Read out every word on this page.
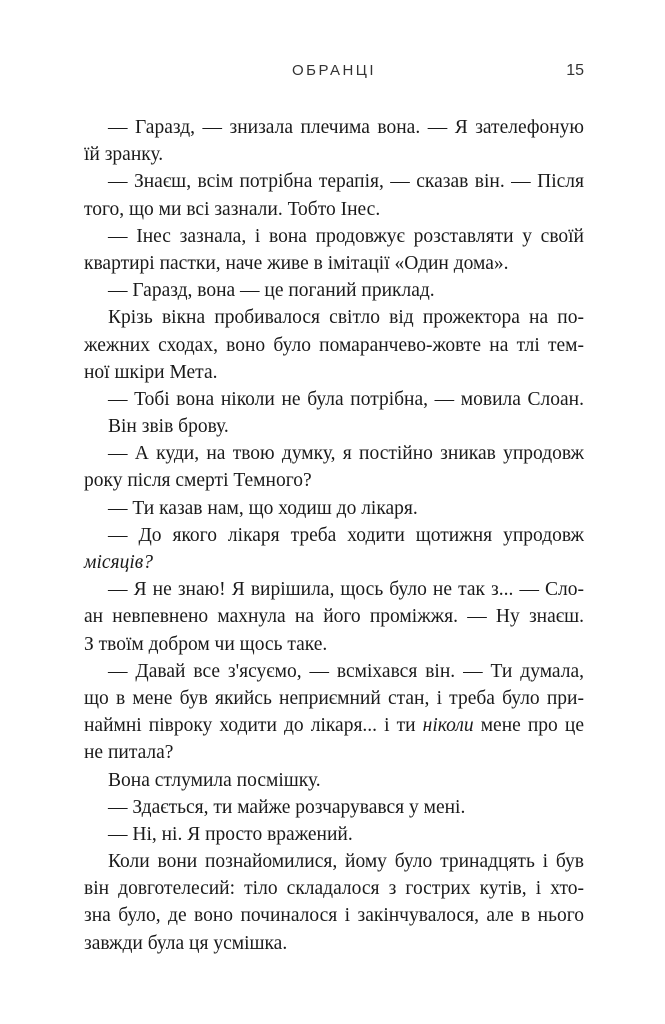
ОБРАНЦІ	15
— Гаразд, — знизала плечима вона. — Я зателефоную
їй зранку.
— Знаєш, всім потрібна терапія, — сказав він. — Після
того, що ми всі зазнали. Тобто Інес.
— Інес зазнала, і вона продовжує розставляти у своїй
квартирі пастки, наче живе в імітації «Один дома».
— Гаразд, вона — це поганий приклад.
Крізь вікна пробивалося світло від прожектора на по-
жежних сходах, воно було помаранчево-жовте на тлі тем-
ної шкіри Мета.
— Тобі вона ніколи не була потрібна, — мовила Слоан.
Він звів брову.
— А куди, на твою думку, я постійно зникав упродовж
року після смерті Темного?
— Ти казав нам, що ходиш до лікаря.
— До якого лікаря треба ходити щотижня упродовж
місяців?
— Я не знаю! Я вирішила, щось було не так з... — Сло-
ан невпевнено махнула на його проміжжя. — Ну знаєш.
З твоїм добром чи щось таке.
— Давай все з'ясуємо, — всміхався він. — Ти думала,
що в мене був якийсь неприємний стан, і треба було при-
наймні півроку ходити до лікаря... і ти ніколи мене про це
не питала?
Вона стлумила посмішку.
— Здається, ти майже розчарувався у мені.
— Ні, ні. Я просто вражений.
Коли вони познайомилися, йому було тринадцять і був
він довготелесий: тіло складалося з гострих кутів, і хто-
зна було, де воно починалося і закінчувалося, але в нього
завжди була ця усмішка.
